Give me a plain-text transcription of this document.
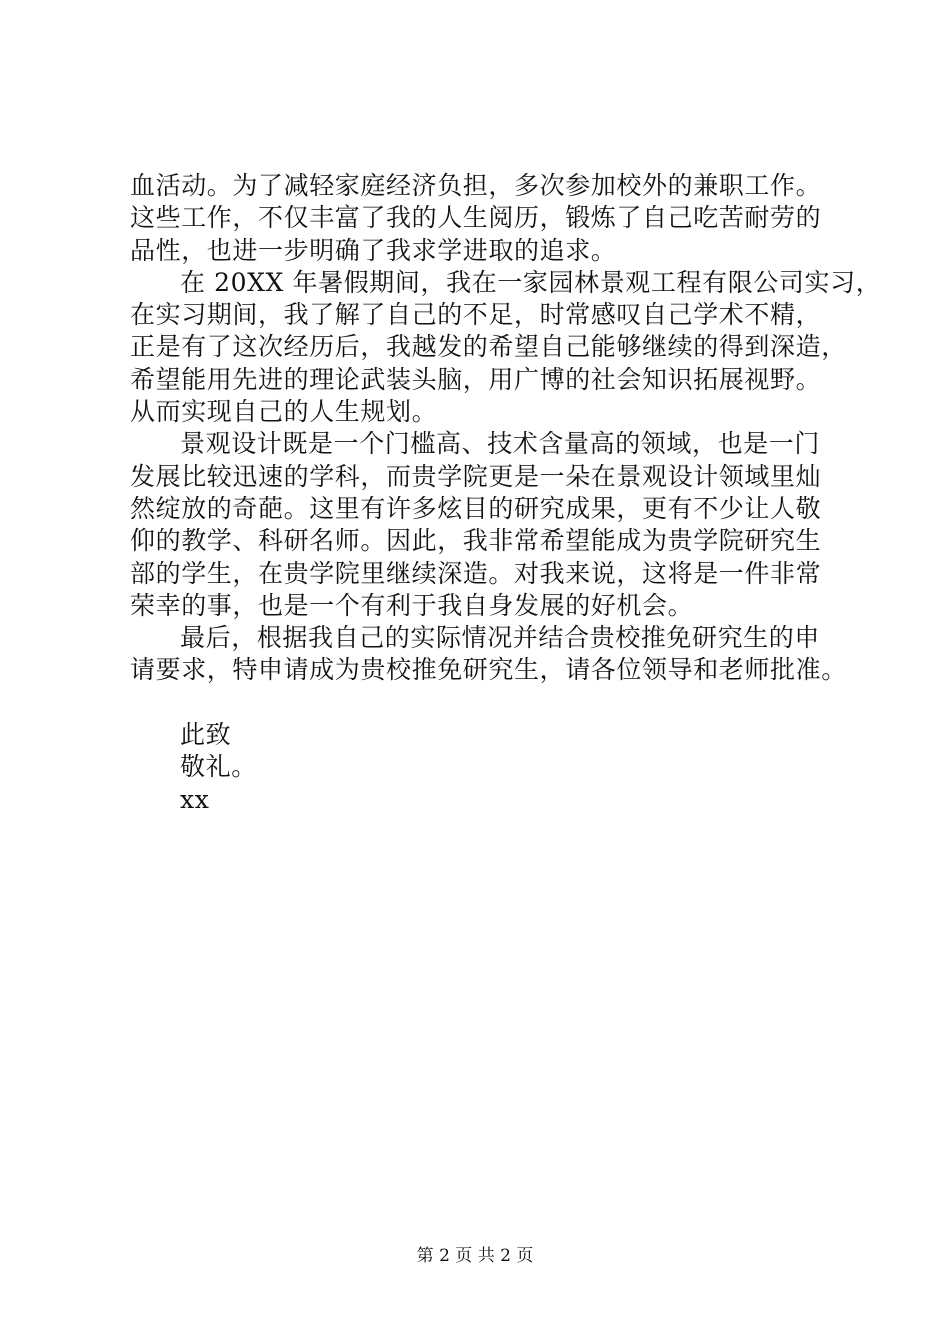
血活动。为了减轻家庭经济负担，多次参加校外的兼职工作。
这些工作，不仅丰富了我的人生阅历，锻炼了自己吃苦耐劳的
品性，也进一步明确了我求学进取的追求。
在 20XX 年暑假期间，我在一家园林景观工程有限公司实习，
在实习期间，我了解了自己的不足，时常感叹自己学术不精，
正是有了这次经历后，我越发的希望自己能够继续的得到深造，
希望能用先进的理论武装头脑，用广博的社会知识拓展视野。
从而实现自己的人生规划。
景观设计既是一个门槛高、技术含量高的领域，也是一门
发展比较迅速的学科，而贵学院更是一朵在景观设计领域里灿
然绽放的奇葩。这里有许多炫目的研究成果，更有不少让人敬
仰的教学、科研名师。因此，我非常希望能成为贵学院研究生
部的学生，在贵学院里继续深造。对我来说，这将是一件非常
荣幸的事，也是一个有利于我自身发展的好机会。
最后，根据我自己的实际情况并结合贵校推免研究生的申
请要求，特申请成为贵校推免研究生，请各位领导和老师批准。
此致
敬礼。
xx
第 2 页 共 2 页
